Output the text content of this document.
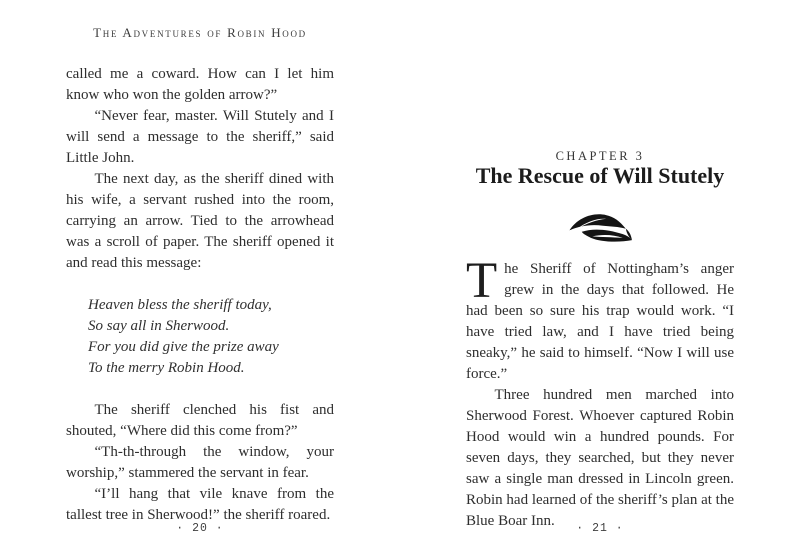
The Adventures of Robin Hood

called me a coward. How can I let him know who won the golden arrow?”

“Never fear, master. Will Stutely and I will send a message to the sheriff,” said Little John.

The next day, as the sheriff dined with his wife, a servant rushed into the room, carrying an arrow. Tied to the arrowhead was a scroll of paper. The sheriff opened it and read this message:

Heaven bless the sheriff today,
So say all in Sherwood.
For you did give the prize away
To the merry Robin Hood.

The sheriff clenched his fist and shouted, “Where did this come from?”

“Th-th-through the window, your worship,” stammered the servant in fear.

“I’ll hang that vile knave from the tallest tree in Sherwood!” the sheriff roared.

· 20 ·
CHAPTER 3
The Rescue of Will Stutely

The Sheriff of Nottingham’s anger grew in the days that followed. He had been so sure his trap would work. “I have tried law, and I have tried being sneaky,” he said to himself. “Now I will use force.”

Three hundred men marched into Sherwood Forest. Whoever captured Robin Hood would win a hundred pounds. For seven days, they searched, but they never saw a single man dressed in Lincoln green. Robin had learned of the sheriff’s plan at the Blue Boar Inn.	· 21 ·
